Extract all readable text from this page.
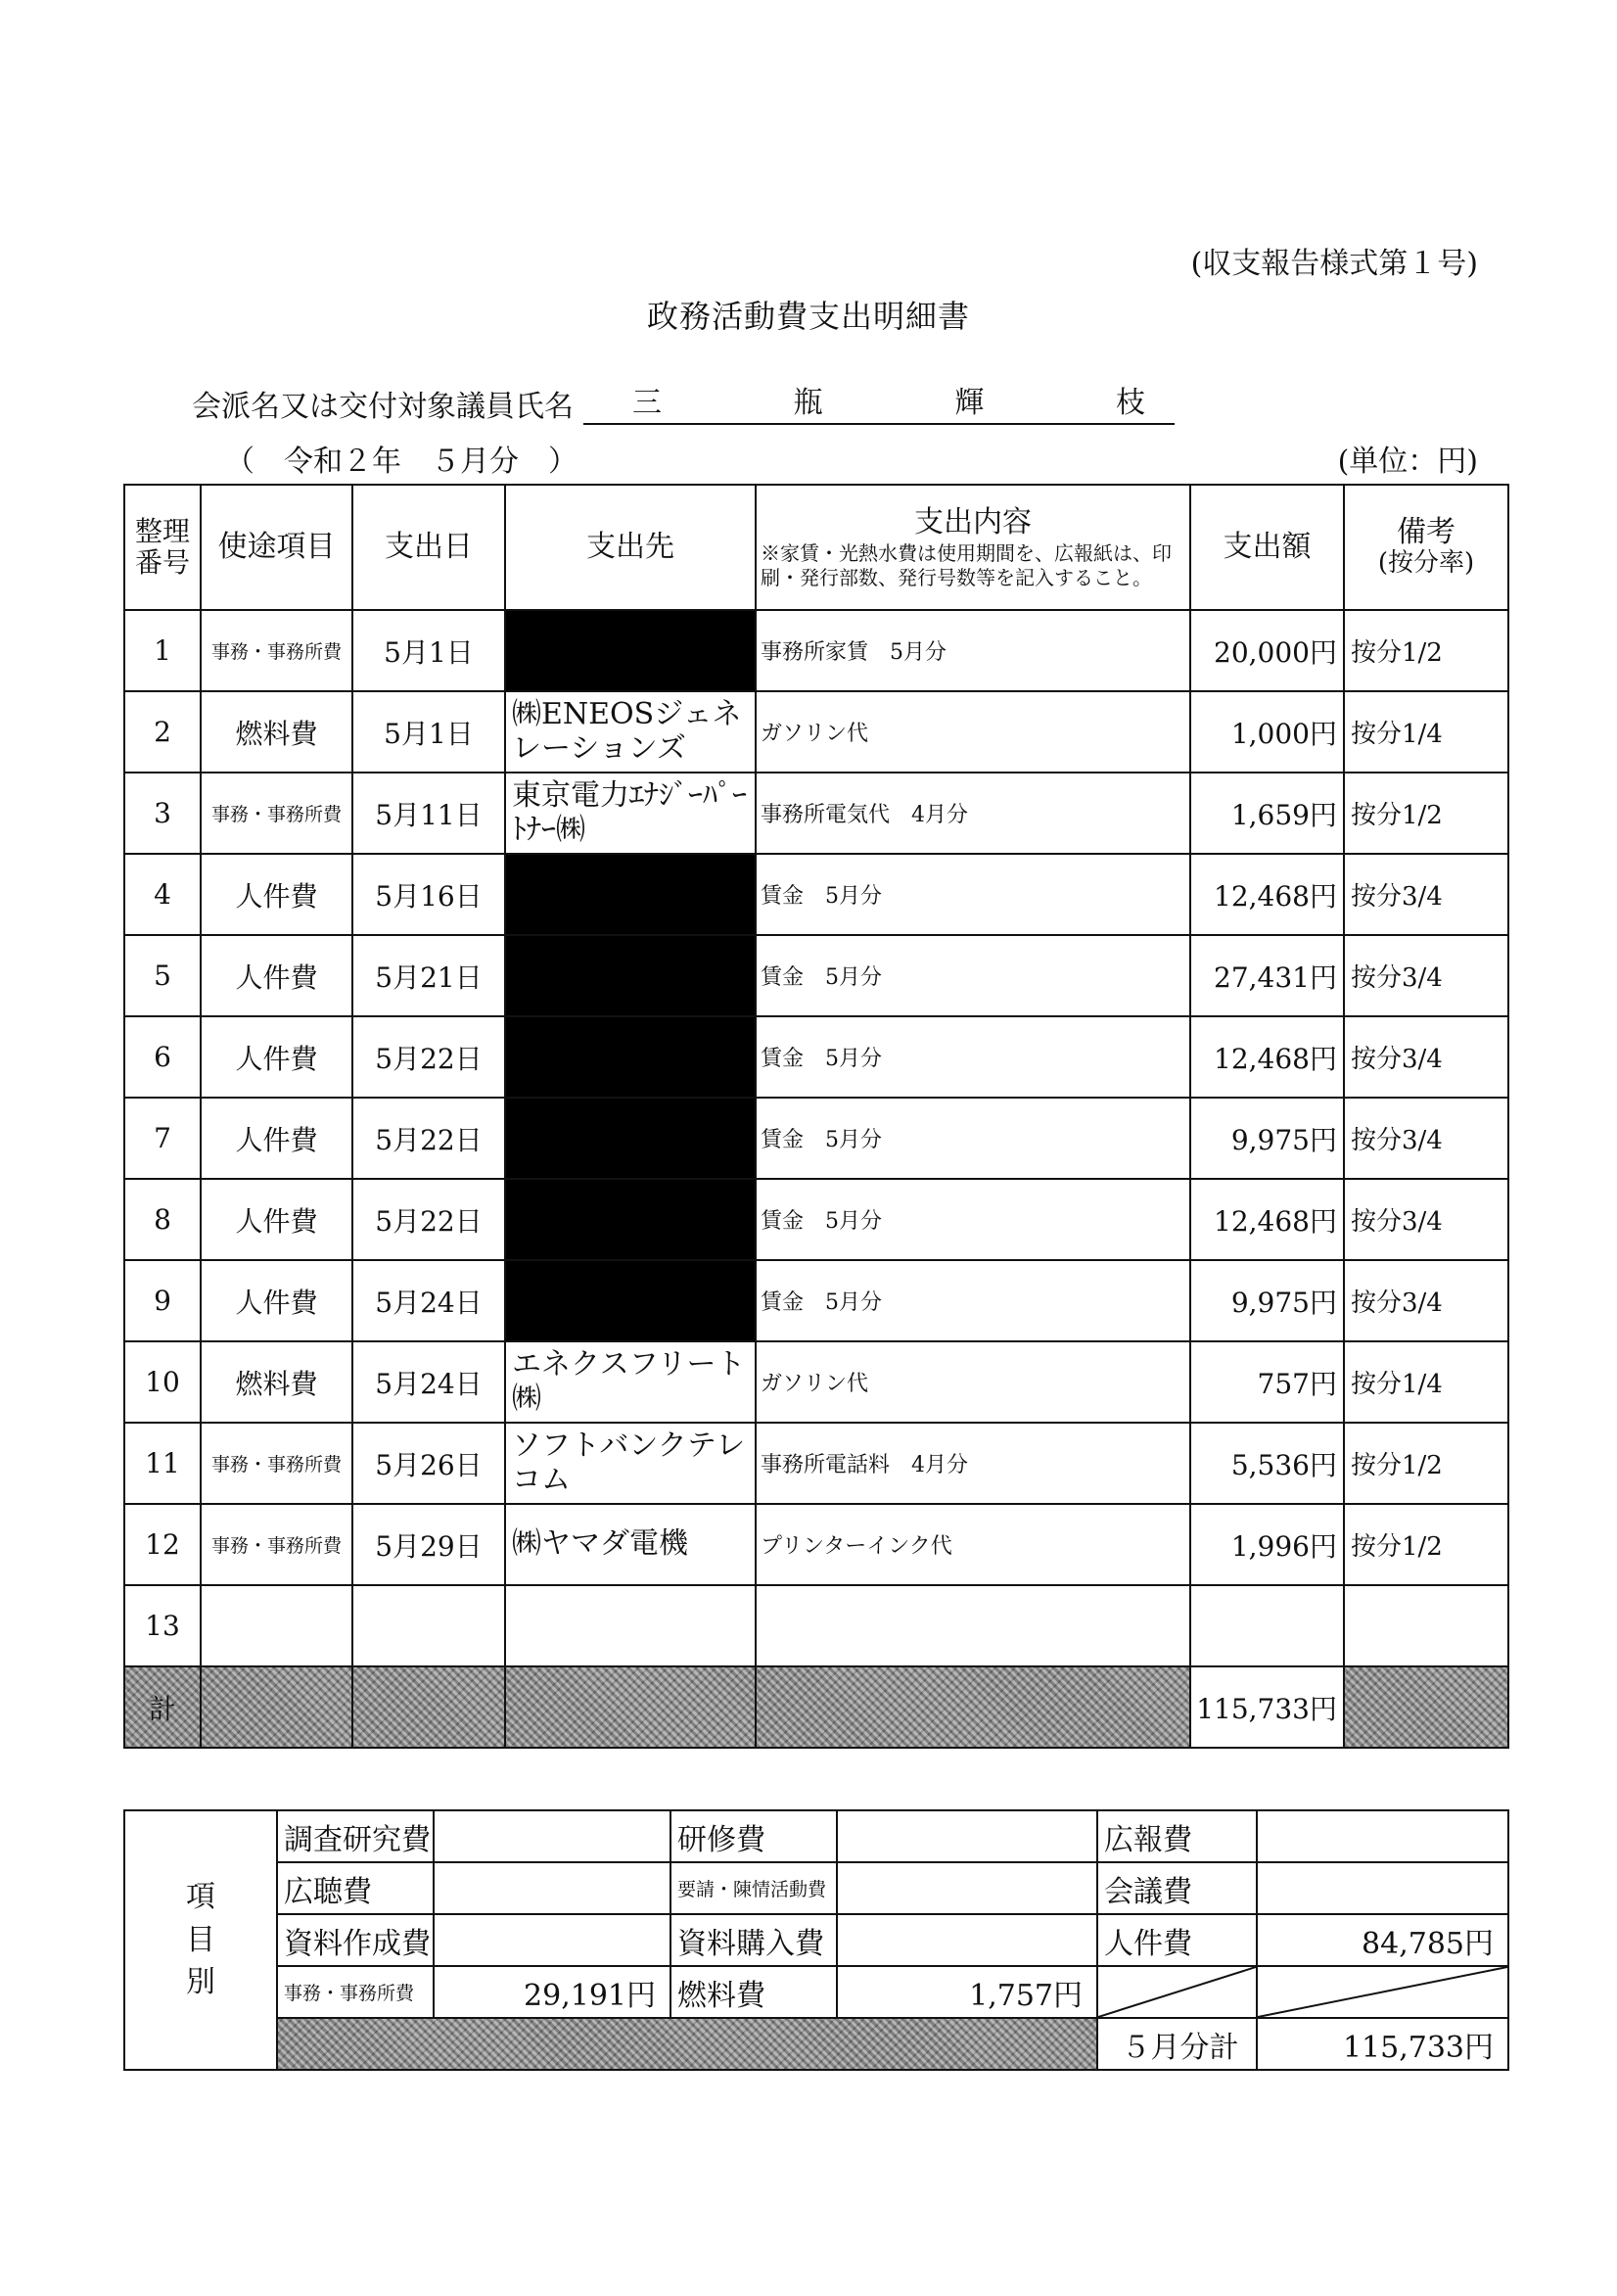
(収支報告様式第１号)
政務活動費支出明細書
会派名又は交付対象議員氏名 三	瓶	輝	枝
（　令和２年　５月分　）	(単位：円)
整理番号	使途項目	支出日	支出先	支出内容
※家賃・光熱水費は使用期間を、広報紙は、印刷・発行部数、発行号数等を記入すること。	支出額	備考
(按分率)

1	事務・事務所費	5月1日		事務所家賃　5月分	20,000円	按分1/2
2	燃料費	5月1日	㈱ENEOSジェネレーションズ	ガソリン代	1,000円	按分1/4
3	事務・事務所費	5月11日	東京電力ｴﾅｼﾞｰﾊﾟｰﾄﾅｰ㈱	事務所電気代　4月分	1,659円	按分1/2
4	人件費	5月16日		賃金　5月分	12,468円	按分3/4
5	人件費	5月21日		賃金　5月分	27,431円	按分3/4
6	人件費	5月22日		賃金　5月分	12,468円	按分3/4
7	人件費	5月22日		賃金　5月分	9,975円	按分3/4
8	人件費	5月22日		賃金　5月分	12,468円	按分3/4
9	人件費	5月24日		賃金　5月分	9,975円	按分3/4
10	燃料費	5月24日	エネクスフリート㈱	ガソリン代	757円	按分1/4
11	事務・事務所費	5月26日	ソフトバンクテレコム	事務所電話料　4月分	5,536円	按分1/2
12	事務・事務所費	5月29日	㈱ヤマダ電機	プリンターインク代	1,996円	按分1/2
13						
計					115,733円	
項
目
別	調査研究費		研修費		広報費	
	広聴費		要請・陳情活動費		会議費	
	資料作成費		資料購入費		人件費	84,785円
	事務・事務所費	29,191円	燃料費	1,757円	

					５月分計	115,733円
